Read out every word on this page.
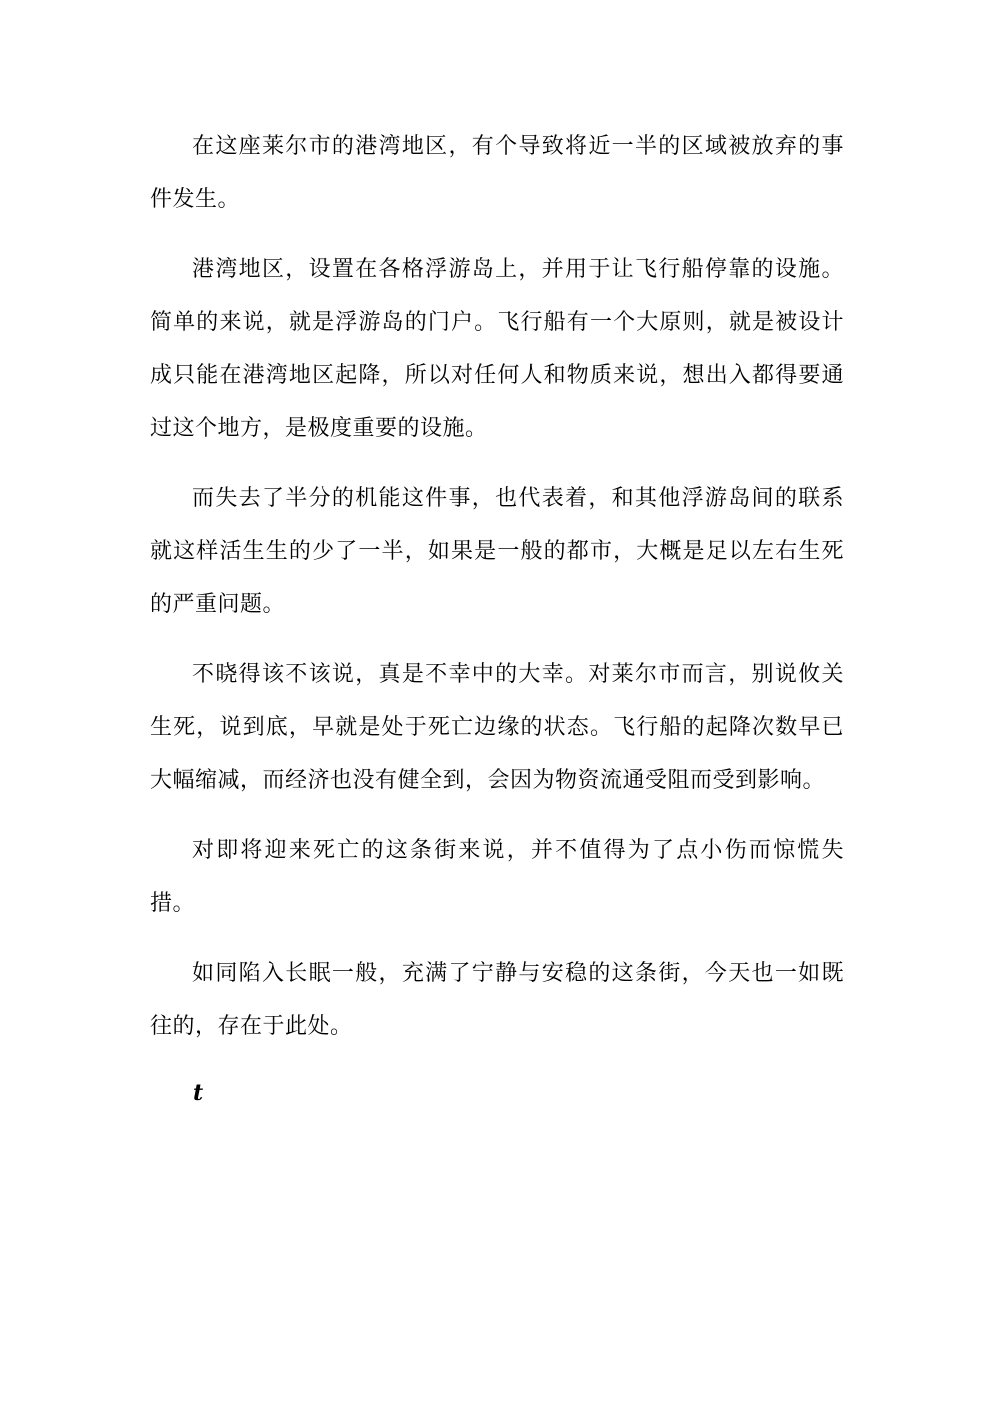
在这座莱尔市的港湾地区，有个导致将近一半的区域被放弃的事件发生。

港湾地区，设置在各格浮游岛上，并用于让飞行船停靠的设施。简单的来说，就是浮游岛的门户。飞行船有一个大原则，就是被设计成只能在港湾地区起降，所以对任何人和物质来说，想出入都得要通过这个地方，是极度重要的设施。

而失去了半分的机能这件事，也代表着，和其他浮游岛间的联系就这样活生生的少了一半，如果是一般的都市，大概是足以左右生死的严重问题。

不晓得该不该说，真是不幸中的大幸。对莱尔市而言，别说攸关生死，说到底，早就是处于死亡边缘的状态。飞行船的起降次数早已大幅缩减，而经济也没有健全到，会因为物资流通受阻而受到影响。

对即将迎来死亡的这条街来说，并不值得为了点小伤而惊慌失措。

如同陷入长眠一般，充满了宁静与安稳的这条街，今天也一如既往的，存在于此处。

t
